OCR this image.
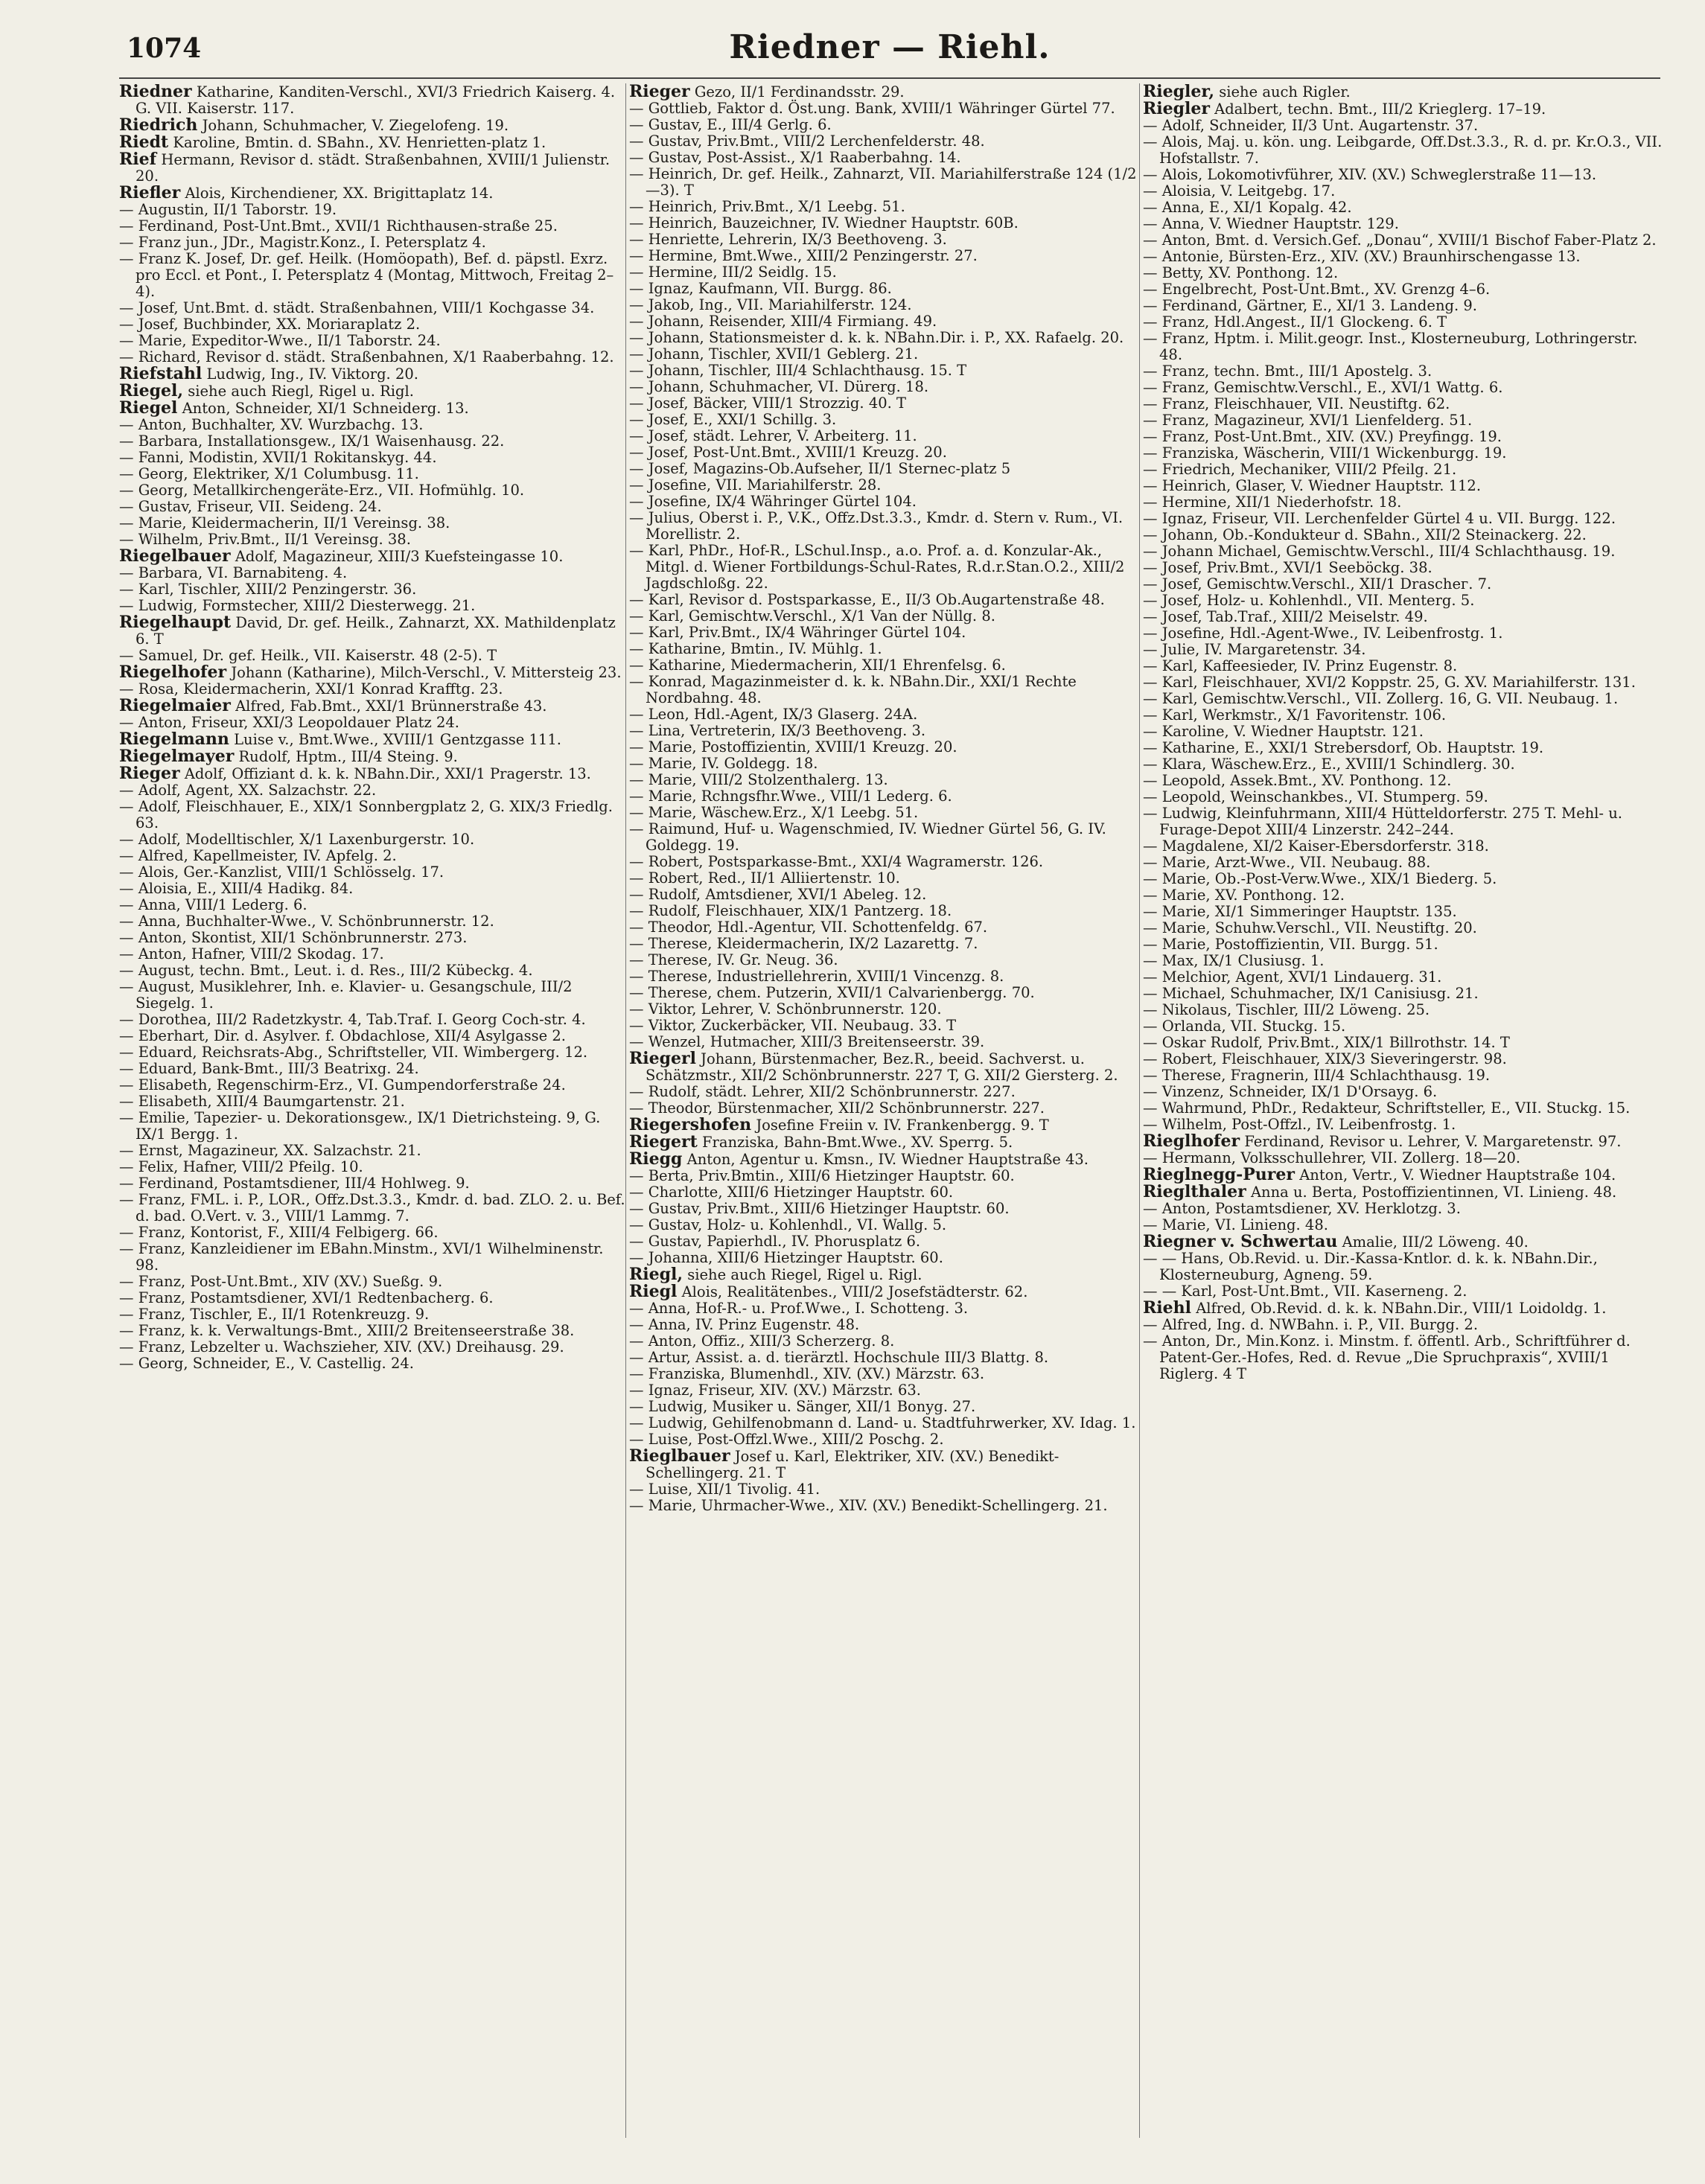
1074	Riedner — Riehl.
Riedner Katharine, Kanditen-Verschl., XVI/3 Friedrich Kaiserg. 4. G. VII. Kaiserstr. 117.
Riedrich Johann, Schuhmacher, V. Ziegelofeng. 19.
Riedt Karoline, Bmtin. d. SBahn., XV. Henrietten-platz 1.
Rief Hermann, Revisor d. städt. Straßenbahnen, XVIII/1 Julienstr. 20.
Riefler Alois, Kirchendiener, XX. Brigittaplatz 14.
— Augustin, II/1 Taborstr. 19.
— Ferdinand, Post-Unt.Bmt., XVII/1 Richthausen-straße 25.
— Franz jun., JDr., Magistr.Konz., I. Petersplatz 4.
— Franz K. Josef, Dr. gef. Heilk. (Homöopath), Bef. d. päpstl. Exrz. pro Eccl. et Pont., I. Petersplatz 4 (Montag, Mittwoch, Freitag 2–4).
— Josef, Unt.Bmt. d. städt. Straßenbahnen, VIII/1 Kochgasse 34.
— Josef, Buchbinder, XX. Moriaraplatz 2.
— Marie, Expeditor-Wwe., II/1 Taborstr. 24.
— Richard, Revisor d. städt. Straßenbahnen, X/1 Raaberbahng. 12.
Riefstahl Ludwig, Ing., IV. Viktorg. 20.
Riegel, siehe auch Riegl, Rigel u. Rigl.
Riegel Anton, Schneider, XI/1 Schneiderg. 13.
— Anton, Buchhalter, XV. Wurzbachg. 13.
— Barbara, Installationsgew., IX/1 Waisenhausg. 22.
— Fanni, Modistin, XVII/1 Rokitanskyg. 44.
— Georg, Elektriker, X/1 Columbusg. 11.
— Georg, Metallkirchengeräte-Erz., VII. Hofmühlg. 10.
— Gustav, Friseur, VII. Seideng. 24.
— Marie, Kleidermacherin, II/1 Vereinsg. 38.
— Wilhelm, Priv.Bmt., II/1 Vereinsg. 38.
Riegelbauer Adolf, Magazineur, XIII/3 Kuefsteingasse 10.
— Barbara, VI. Barnabiteng. 4.
— Karl, Tischler, XIII/2 Penzingerstr. 36.
— Ludwig, Formstecher, XIII/2 Diesterwegg. 21.
Riegelhaupt David, Dr. gef. Heilk., Zahnarzt, XX. Mathildenplatz 6. T
— Samuel, Dr. gef. Heilk., VII. Kaiserstr. 48 (2-5). T
Riegelhofer Johann (Katharine), Milch-Verschl., V. Mittersteig 23.
— Rosa, Kleidermacherin, XXI/1 Konrad Krafftg. 23.
Riegelmaier Alfred, Fab.Bmt., XXI/1 Brünnerstraße 43.
— Anton, Friseur, XXI/3 Leopoldauer Platz 24.
Riegelmann Luise v., Bmt.Wwe., XVIII/1 Gentzgasse 111.
Riegelmayer Rudolf, Hptm., III/4 Steing. 9.
Rieger Adolf, Offiziant d. k. k. NBahn.Dir., XXI/1 Pragerstr. 13.
— Adolf, Agent, XX. Salzachstr. 22.
— Adolf, Fleischhauer, E., XIX/1 Sonnbergplatz 2, G. XIX/3 Friedlg. 63.
— Adolf, Modelltischler, X/1 Laxenburgerstr. 10.
— Alfred, Kapellmeister, IV. Apfelg. 2.
— Alois, Ger.-Kanzlist, VIII/1 Schlösselg. 17.
— Aloisia, E., XIII/4 Hadikg. 84.
— Anna, VIII/1 Lederg. 6.
— Anna, Buchhalter-Wwe., V. Schönbrunnerstr. 12.
— Anton, Skontist, XII/1 Schönbrunnerstr. 273.
— Anton, Hafner, VIII/2 Skodag. 17.
— August, techn. Bmt., Leut. i. d. Res., III/2 Kübeckg. 4.
— August, Musiklehrer, Inh. e. Klavier- u. Gesangschule, III/2 Siegelg. 1.
— Dorothea, III/2 Radetzkystr. 4, Tab.Traf. I. Georg Coch-str. 4.
— Eberhart, Dir. d. Asylver. f. Obdachlose, XII/4 Asylgasse 2.
— Eduard, Reichsrats-Abg., Schriftsteller, VII. Wimbergerg. 12.
— Eduard, Bank-Bmt., III/3 Beatrixg. 24.
— Elisabeth, Regenschirm-Erz., VI. Gumpendorferstraße 24.
— Elisabeth, XIII/4 Baumgartenstr. 21.
— Emilie, Tapezier- u. Dekorationsgew., IX/1 Dietrichsteing. 9, G. IX/1 Bergg. 1.
— Ernst, Magazineur, XX. Salzachstr. 21.
— Felix, Hafner, VIII/2 Pfeilg. 10.
— Ferdinand, Postamtsdiener, III/4 Hohlweg. 9.
— Franz, FML. i. P., LOR., Offz.Dst.3.3., Kmdr. d. bad. ZLO. 2. u. Bef. d. bad. O.Vert. v. 3., VIII/1 Lammg. 7.
— Franz, Kontorist, F., XIII/4 Felbigerg. 66.
— Franz, Kanzleidiener im EBahn.Minstm., XVI/1 Wilhelminenstr. 98.
— Franz, Post-Unt.Bmt., XIV (XV.) Sueßg. 9.
— Franz, Postamtsdiener, XVI/1 Redtenbacherg. 6.
— Franz, Tischler, E., II/1 Rotenkreuzg. 9.
— Franz, k. k. Verwaltungs-Bmt., XIII/2 Breitenseerstraße 38.
— Franz, Lebzelter u. Wachszieher, XIV. (XV.) Dreihausg. 29.
— Georg, Schneider, E., V. Castellig. 24.
Rieger Gezo, II/1 Ferdinandsstr. 29.
— Gottlieb, Faktor d. Öst.ung. Bank, XVIII/1 Währinger Gürtel 77.
— Gustav, E., III/4 Gerlg. 6.
— Gustav, Priv.Bmt., VIII/2 Lerchenfelderstr. 48.
— Gustav, Post-Assist., X/1 Raaberbahng. 14.
— Heinrich, Dr. gef. Heilk., Zahnarzt, VII. Mariahilferstraße 124 (1/2—3). T
— Heinrich, Priv.Bmt., X/1 Leebg. 51.
— Heinrich, Bauzeichner, IV. Wiedner Hauptstr. 60B.
— Henriette, Lehrerin, IX/3 Beethoveng. 3.
— Hermine, Bmt.Wwe., XIII/2 Penzingerstr. 27.
— Hermine, III/2 Seidlg. 15.
— Ignaz, Kaufmann, VII. Burgg. 86.
— Jakob, Ing., VII. Mariahilferstr. 124.
— Johann, Reisender, XIII/4 Firmiang. 49.
— Johann, Stationsmeister d. k. k. NBahn.Dir. i. P., XX. Rafaelg. 20.
— Johann, Tischler, XVII/1 Geblerg. 21.
— Johann, Tischler, III/4 Schlachthausg. 15. T
— Johann, Schuhmacher, VI. Dürerg. 18.
— Josef, Bäcker, VIII/1 Strozzig. 40. T
— Josef, E., XXI/1 Schillg. 3.
— Josef, städt. Lehrer, V. Arbeiterg. 11.
— Josef, Post-Unt.Bmt., XVIII/1 Kreuzg. 20.
— Josef, Magazins-Ob.Aufseher, II/1 Sternec-platz 5
— Josefine, VII. Mariahilferstr. 28.
— Josefine, IX/4 Währinger Gürtel 104.
— Julius, Oberst i. P., V.K., Offz.Dst.3.3., Kmdr. d. Stern v. Rum., VI. Morellistr. 2.
— Karl, PhDr., Hof-R., LSchul.Insp., a.o. Prof. a. d. Konzular-Ak., Mitgl. d. Wiener Fortbildungs-Schul-Rates, R.d.r.Stan.O.2., XIII/2 Jagdschloßg. 22.
— Karl, Revisor d. Postsparkasse, E., II/3 Ob.Augartenstraße 48.
— Karl, Gemischtw.Verschl., X/1 Van der Nüllg. 8.
— Karl, Priv.Bmt., IX/4 Währinger Gürtel 104.
— Katharine, Bmtin., IV. Mühlg. 1.
— Katharine, Miedermacherin, XII/1 Ehrenfelsg. 6.
— Konrad, Magazinmeister d. k. k. NBahn.Dir., XXI/1 Rechte Nordbahng. 48.
— Leon, Hdl.-Agent, IX/3 Glaserg. 24A.
— Lina, Vertreterin, IX/3 Beethoveng. 3.
— Marie, Postoffizientin, XVIII/1 Kreuzg. 20.
— Marie, IV. Goldegg. 18.
— Marie, VIII/2 Stolzenthalerg. 13.
— Marie, Rchngsfhr.Wwe., VIII/1 Lederg. 6.
— Marie, Wäschew.Erz., X/1 Leebg. 51.
— Raimund, Huf- u. Wagenschmied, IV. Wiedner Gürtel 56, G. IV. Goldegg. 19.
— Robert, Postsparkasse-Bmt., XXI/4 Wagramerstr. 126.
— Robert, Red., II/1 Alliiertenstr. 10.
— Rudolf, Amtsdiener, XVI/1 Abeleg. 12.
— Rudolf, Fleischhauer, XIX/1 Pantzerg. 18.
— Theodor, Hdl.-Agentur, VII. Schottenfeldg. 67.
— Therese, Kleidermacherin, IX/2 Lazarettg. 7.
— Therese, IV. Gr. Neug. 36.
— Therese, Industriellehrerin, XVIII/1 Vincenzg. 8.
— Therese, chem. Putzerin, XVII/1 Calvarienbergg. 70.
— Viktor, Lehrer, V. Schönbrunnerstr. 120.
— Viktor, Zuckerbäcker, VII. Neubaug. 33. T
— Wenzel, Hutmacher, XIII/3 Breitenseerstr. 39.
Riegerl Johann, Bürstenmacher, Bez.R., beeid. Sachverst. u. Schätzmstr., XII/2 Schönbrunnerstr. 227 T, G. XII/2 Giersterg. 2.
— Rudolf, städt. Lehrer, XII/2 Schönbrunnerstr. 227.
— Theodor, Bürstenmacher, XII/2 Schönbrunnerstr. 227.
Riegershofen Josefine Freiin v. IV. Frankenbergg. 9. T
Riegert Franziska, Bahn-Bmt.Wwe., XV. Sperrg. 5.
Riegg Anton, Agentur u. Kmsn., IV. Wiedner Hauptstraße 43.
— Berta, Priv.Bmtin., XIII/6 Hietzinger Hauptstr. 60.
— Charlotte, XIII/6 Hietzinger Hauptstr. 60.
— Gustav, Priv.Bmt., XIII/6 Hietzinger Hauptstr. 60.
— Gustav, Holz- u. Kohlenhdl., VI. Wallg. 5.
— Gustav, Papierhdl., IV. Phorusplatz 6.
— Johanna, XIII/6 Hietzinger Hauptstr. 60.
Riegl, siehe auch Riegel, Rigel u. Rigl.
Riegl Alois, Realitätenbes., VIII/2 Josefstädterstr. 62.
— Anna, Hof-R.- u. Prof.Wwe., I. Schotteng. 3.
— Anna, IV. Prinz Eugenstr. 48.
— Anton, Offiz., XIII/3 Scherzerg. 8.
— Artur, Assist. a. d. tierärztl. Hochschule III/3 Blattg. 8.
— Franziska, Blumenhdl., XIV. (XV.) Märzstr. 63.
— Ignaz, Friseur, XIV. (XV.) Märzstr. 63.
— Ludwig, Musiker u. Sänger, XII/1 Bonyg. 27.
— Ludwig, Gehilfenobmann d. Land- u. Stadtfuhrwerker, XV. Idag. 1.
— Luise, Post-Offzl.Wwe., XIII/2 Poschg. 2.
Rieglbauer Josef u. Karl, Elektriker, XIV. (XV.) Benedikt-Schellingerg. 21. T
— Luise, XII/1 Tivolig. 41.
— Marie, Uhrmacher-Wwe., XIV. (XV.) Benedikt-Schellingerg. 21.
Riegler, siehe auch Rigler.
Riegler Adalbert, techn. Bmt., III/2 Krieglerg. 17–19.
— Adolf, Schneider, II/3 Unt. Augartenstr. 37.
— Alois, Maj. u. kön. ung. Leibgarde, Off.Dst.3.3., R. d. pr. Kr.O.3., VII. Hofstallstr. 7.
— Alois, Lokomotivführer, XIV. (XV.) Schweglerstraße 11—13.
— Aloisia, V. Leitgebg. 17.
— Anna, E., XI/1 Kopalg. 42.
— Anna, V. Wiedner Hauptstr. 129.
— Anton, Bmt. d. Versich.Gef. „Donau“, XVIII/1 Bischof Faber-Platz 2.
— Antonie, Bürsten-Erz., XIV. (XV.) Braunhirschengasse 13.
— Betty, XV. Ponthong. 12.
— Engelbrecht, Post-Unt.Bmt., XV. Grenzg 4–6.
— Ferdinand, Gärtner, E., XI/1 3. Landeng. 9.
— Franz, Hdl.Angest., II/1 Glockeng. 6. T
— Franz, Hptm. i. Milit.geogr. Inst., Klosterneuburg, Lothringerstr. 48.
— Franz, techn. Bmt., III/1 Apostelg. 3.
— Franz, Gemischtw.Verschl., E., XVI/1 Wattg. 6.
— Franz, Fleischhauer, VII. Neustiftg. 62.
— Franz, Magazineur, XVI/1 Lienfelderg. 51.
— Franz, Post-Unt.Bmt., XIV. (XV.) Preyfingg. 19.
— Franziska, Wäscherin, VIII/1 Wickenburgg. 19.
— Friedrich, Mechaniker, VIII/2 Pfeilg. 21.
— Heinrich, Glaser, V. Wiedner Hauptstr. 112.
— Hermine, XII/1 Niederhofstr. 18.
— Ignaz, Friseur, VII. Lerchenfelder Gürtel 4 u. VII. Burgg. 122.
— Johann, Ob.-Kondukteur d. SBahn., XII/2 Steinackerg. 22.
— Johann Michael, Gemischtw.Verschl., III/4 Schlachthausg. 19.
— Josef, Priv.Bmt., XVI/1 Seeböckg. 38.
— Josef, Gemischtw.Verschl., XII/1 Draschег. 7.
— Josef, Holz- u. Kohlenhdl., VII. Menterg. 5.
— Josef, Tab.Traf., XIII/2 Meiselstr. 49.
— Josefine, Hdl.-Agent-Wwe., IV. Leibenfrostg. 1.
— Julie, IV. Margaretenstr. 34.
— Karl, Kaffeesieder, IV. Prinz Eugenstr. 8.
— Karl, Fleischhauer, XVI/2 Koppstr. 25, G. XV. Mariahilferstr. 131.
— Karl, Gemischtw.Verschl., VII. Zollerg. 16, G. VII. Neubaug. 1.
— Karl, Werkmstr., X/1 Favoritenstr. 106.
— Karoline, V. Wiedner Hauptstr. 121.
— Katharine, E., XXI/1 Strebersdorf, Ob. Hauptstr. 19.
— Klara, Wäschew.Erz., E., XVIII/1 Schindlerg. 30.
— Leopold, Assek.Bmt., XV. Ponthong. 12.
— Leopold, Weinschankbes., VI. Stumperg. 59.
— Ludwig, Kleinfuhrmann, XIII/4 Hütteldorferstr. 275 T. Mehl- u. Furage-Depot XIII/4 Linzerstr. 242–244.
— Magdalene, XI/2 Kaiser-Ebersdorferstr. 318.
— Marie, Arzt-Wwe., VII. Neubaug. 88.
— Marie, Ob.-Post-Verw.Wwe., XIX/1 Biederg. 5.
— Marie, XV. Ponthong. 12.
— Marie, XI/1 Simmeringer Hauptstr. 135.
— Marie, Schuhw.Verschl., VII. Neustiftg. 20.
— Marie, Postoffizientin, VII. Burgg. 51.
— Max, IX/1 Clusiusg. 1.
— Melchior, Agent, XVI/1 Lindauerg. 31.
— Michael, Schuhmacher, IX/1 Canisiusg. 21.
— Nikolaus, Tischler, III/2 Löweng. 25.
— Orlanda, VII. Stuckg. 15.
— Oskar Rudolf, Priv.Bmt., XIX/1 Billrothstr. 14. T
— Robert, Fleischhauer, XIX/3 Sieveringerstr. 98.
— Therese, Fragnerin, III/4 Schlachthausg. 19.
— Vinzenz, Schneider, IX/1 D'Orsayg. 6.
— Wahrmund, PhDr., Redakteur, Schriftsteller, E., VII. Stuckg. 15.
— Wilhelm, Post-Offzl., IV. Leibenfrostg. 1.
Rieglhofer Ferdinand, Revisor u. Lehrer, V. Margaretenstr. 97.
— Hermann, Volksschullehrer, VII. Zollerg. 18—20.
Rieglnegg-Purer Anton, Vertr., V. Wiedner Hauptstraße 104.
Rieglthaler Anna u. Berta, Postoffizientinnen, VI. Linieng. 48.
— Anton, Postamtsdiener, XV. Herklotzg. 3.
— Marie, VI. Linieng. 48.
Riegner v. Schwertau Amalie, III/2 Löweng. 40.
— — Hans, Ob.Revid. u. Dir.-Kassa-Kntlor. d. k. k. NBahn.Dir., Klosterneuburg, Agneng. 59.
— — Karl, Post-Unt.Bmt., VII. Kaserneng. 2.
Riehl Alfred, Ob.Revid. d. k. k. NBahn.Dir., VIII/1 Loidoldg. 1.
— Alfred, Ing. d. NWBahn. i. P., VII. Burgg. 2.
— Anton, Dr., Min.Konz. i. Minstm. f. öffentl. Arb., Schriftführer d. Patent-Ger.-Hofes, Red. d. Revue „Die Spruchpraxis“, XVIII/1 Riglerg. 4 T
